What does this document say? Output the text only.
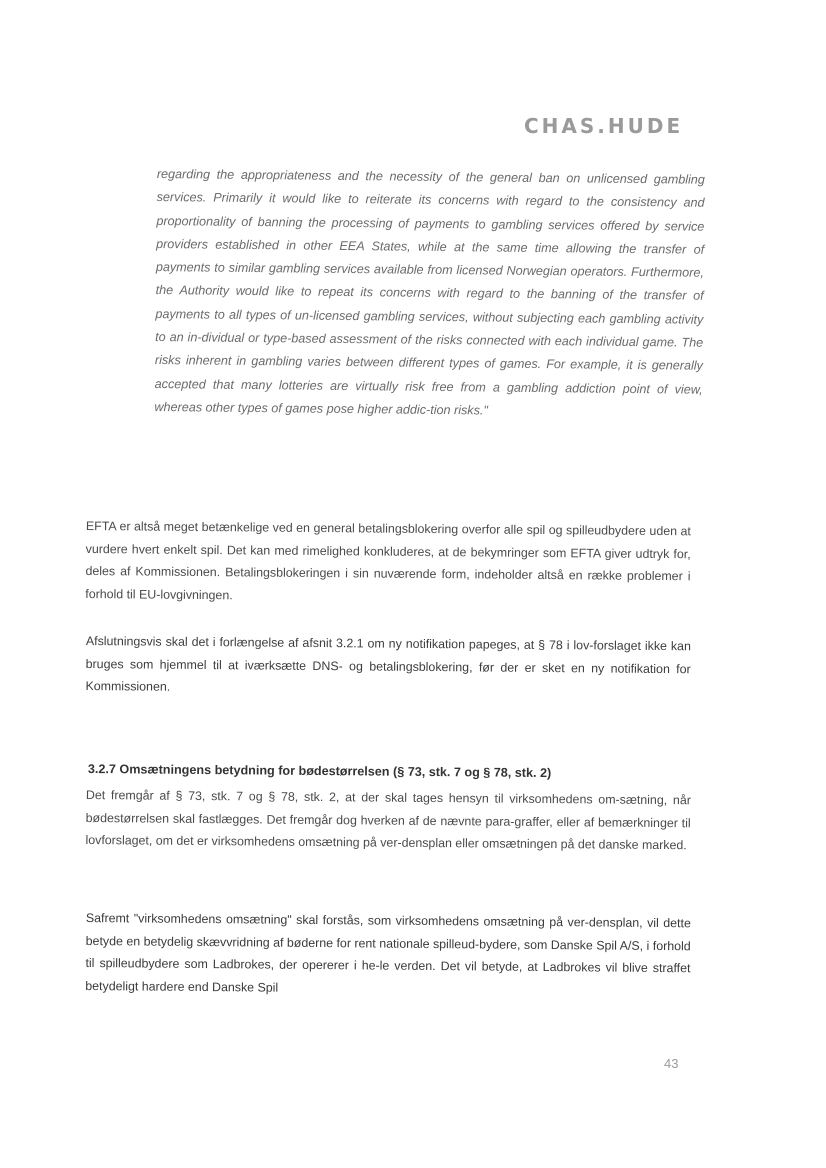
CHAS.HUDE
regarding the appropriateness and the necessity of the general ban on unlicensed gambling services. Primarily it would like to reiterate its concerns with regard to the consistency and proportionality of banning the processing of payments to gambling services offered by service providers established in other EEA States, while at the same time allowing the transfer of payments to similar gambling services available from licensed Norwegian operators. Furthermore, the Authority would like to repeat its concerns with regard to the banning of the transfer of payments to all types of un-licensed gambling services, without subjecting each gambling activity to an in-dividual or type-based assessment of the risks connected with each individual game. The risks inherent in gambling varies between different types of games. For example, it is generally accepted that many lotteries are virtually risk free from a gambling addiction point of view, whereas other types of games pose higher addic-tion risks."
EFTA er altså meget betænkelige ved en general betalingsblokering overfor alle spil og spilleudbydere uden at vurdere hvert enkelt spil. Det kan med rimelighed konkluderes, at de bekymringer som EFTA giver udtryk for, deles af Kommissionen. Betalingsblokeringen i sin nuværende form, indeholder altså en række problemer i forhold til EU-lovgivningen.
Afslutningsvis skal det i forlængelse af afsnit 3.2.1 om ny notifikation papeges, at § 78 i lov-forslaget ikke kan bruges som hjemmel til at iværksætte DNS- og betalingsblokering, før der er sket en ny notifikation for Kommissionen.
3.2.7 Omsætningens betydning for bødestørrelsen (§ 73, stk. 7 og § 78, stk. 2)
Det fremgår af § 73, stk. 7 og § 78, stk. 2, at der skal tages hensyn til virksomhedens om-sætning, når bødestørrelsen skal fastlægges. Det fremgår dog hverken af de nævnte para-graffer, eller af bemærkninger til lovforslaget, om det er virksomhedens omsætning på ver-densplan eller omsætningen på det danske marked.
Safremt "virksomhedens omsætning" skal forstås, som virksomhedens omsætning på ver-densplan, vil dette betyde en betydelig skævvridning af bøderne for rent nationale spilleud-bydere, som Danske Spil A/S, i forhold til spilleudbydere som Ladbrokes, der opererer i he-le verden. Det vil betyde, at Ladbrokes vil blive straffet betydeligt hardere end Danske Spil
43
